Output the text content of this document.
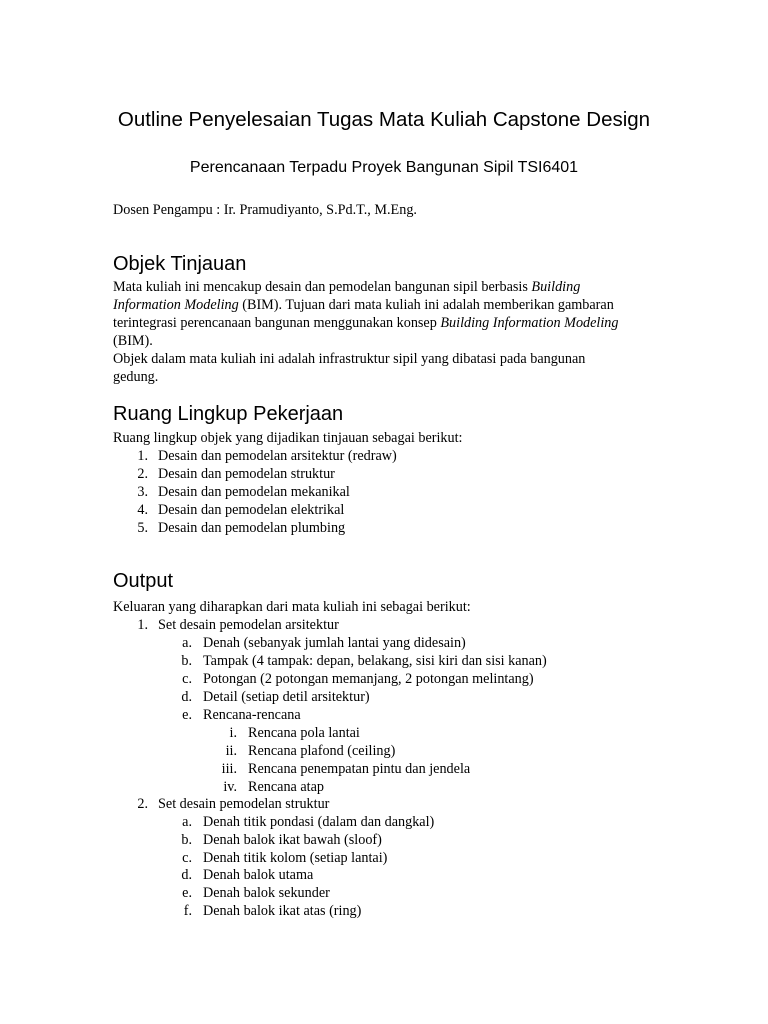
Outline Penyelesaian Tugas Mata Kuliah Capstone Design

Perencanaan Terpadu Proyek Bangunan Sipil TSI6401

Dosen Pengampu : Ir. Pramudiyanto, S.Pd.T., M.Eng.

Objek Tinjauan

Mata kuliah ini mencakup desain dan pemodelan bangunan sipil berbasis Building

Information Modeling (BIM). Tujuan dari mata kuliah ini adalah memberikan gambaran

terintegrasi perencanaan bangunan menggunakan konsep Building Information Modeling

(BIM).

Objek dalam mata kuliah ini adalah infrastruktur sipil yang dibatasi pada bangunan

gedung.

Ruang Lingkup Pekerjaan

Ruang lingkup objek yang dijadikan tinjauan sebagai berikut:

1. Desain dan pemodelan arsitektur (redraw)
2. Desain dan pemodelan struktur
3. Desain dan pemodelan mekanikal
4. Desain dan pemodelan elektrikal
5. Desain dan pemodelan plumbing
Output

Keluaran yang diharapkan dari mata kuliah ini sebagai berikut:

1. Set desain pemodelan arsitektur
a. Denah (sebanyak jumlah lantai yang didesain)
b. Tampak (4 tampak: depan, belakang, sisi kiri dan sisi kanan)
c. Potongan (2 potongan memanjang, 2 potongan melintang)
d. Detail (setiap detil arsitektur)
e. Rencana-rencana
i. Rencana pola lantai
ii. Rencana plafond (ceiling)
iii. Rencana penempatan pintu dan jendela
iv. Rencana atap
2. Set desain pemodelan struktur
a. Denah titik pondasi (dalam dan dangkal)
b. Denah balok ikat bawah (sloof)
c. Denah titik kolom (setiap lantai)
d. Denah balok utama
e. Denah balok sekunder
f. Denah balok ikat atas (ring)
